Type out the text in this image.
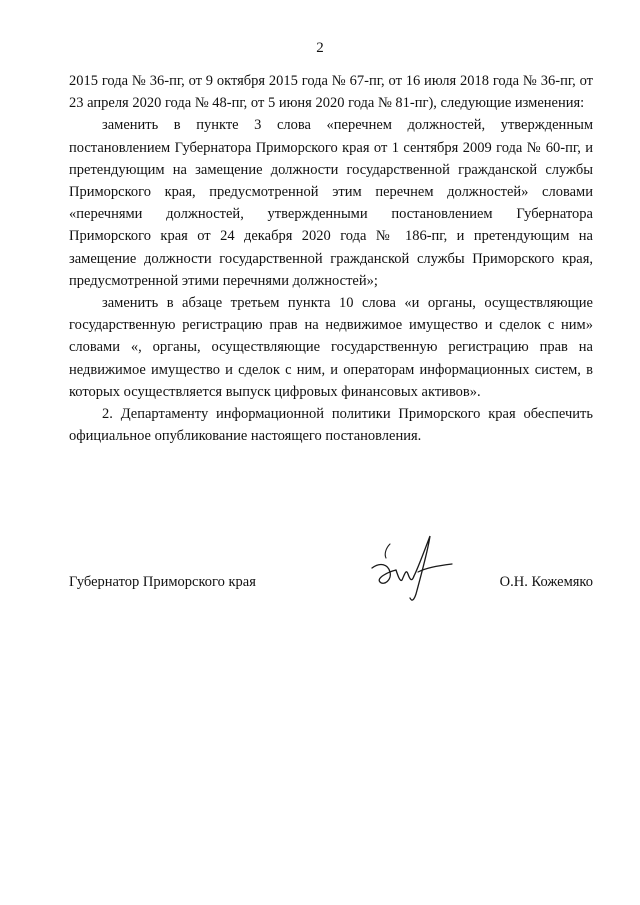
2

2015 года № 36-пг, от 9 октября 2015 года № 67-пг, от 16 июля 2018 года № 36-пг, от 23 апреля 2020 года № 48-пг, от 5 июня 2020 года № 81-пг), следующие изменения:

заменить в пункте 3 слова «перечнем должностей, утвержденным постановлением Губернатора Приморского края от 1 сентября 2009 года № 60-пг, и претендующим на замещение должности государственной гражданской службы Приморского края, предусмотренной этим перечнем должностей» словами «перечнями должностей, утвержденными постановлением Губернатора Приморского края от 24 декабря 2020 года № 186-пг, и претендующим на замещение должности государственной гражданской службы Приморского края, предусмотренной этими перечнями должностей»;

заменить в абзаце третьем пункта 10 слова «и органы, осуществляющие государственную регистрацию прав на недвижимое имущество и сделок с ним» словами «, органы, осуществляющие государственную регистрацию прав на недвижимое имущество и сделок с ним, и операторам информационных систем, в которых осуществляется выпуск цифровых финансовых активов».

2. Департаменту информационной политики Приморского края обеспечить официальное опубликование настоящего постановления.

Губернатор Приморского края	О.Н. Кожемяко
